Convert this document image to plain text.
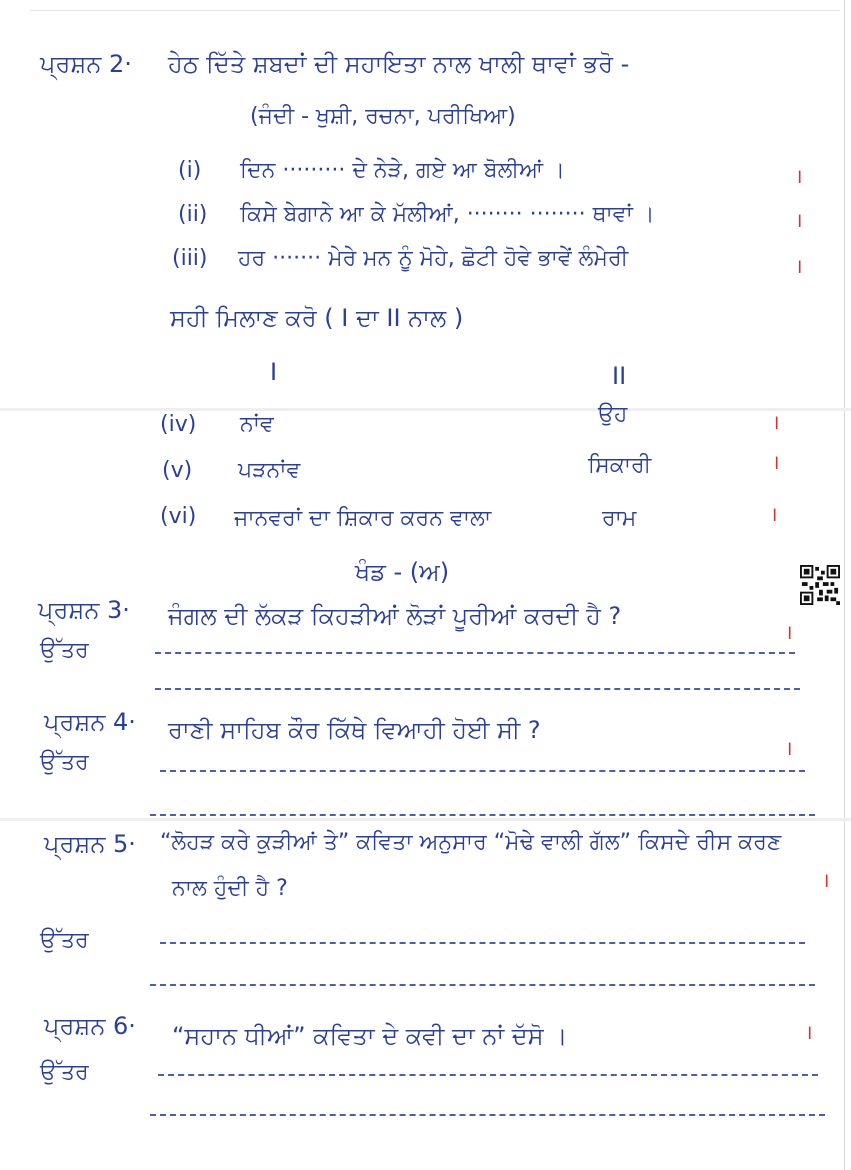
ਪ੍ਰਸ਼ਨ 2· ਹੇਠ ਦਿੱਤੇ ਸ਼ਬਦਾਂ ਦੀ ਸਹਾਇਤਾ ਨਾਲ ਖਾਲੀ ਥਾਵਾਂ ਭਰੋ -
(ਜੰਦੀ - ਖੁਸ਼ੀ, ਰਚਨਾ, ਪਰੀਖਿਆ)
(i) ਦਿਨ ········· ਦੇ ਨੇੜੇ, ਗਏ ਆ ਬੋਲੀਆਂ ।	।
(ii) ਕਿਸੇ ਬੇਗਾਨੇ ਆ ਕੇ ਮੱਲੀਆਂ, ········ ········ ਥਾਵਾਂ ।	।
(iii) ਹਰ ······· ਮੇਰੇ ਮਨ ਨੂੰ ਮੋਹੇ, ਛੋਟੀ ਹੋਵੇ ਭਾਵੇਂ ਲੰਮੇਰੀ	।
ਸਹੀ ਮਿਲਾਣ ਕਰੋ ( I ਦਾ II ਨਾਲ )
I	II
(iv) ਨਾਂਵ	ਉਹ	।
(v) ਪੜਨਾਂਵ	ਸਿਕਾਰੀ	।
(vi) ਜਾਨਵਰਾਂ ਦਾ ਸ਼ਿਕਾਰ ਕਰਨ ਵਾਲਾ	ਰਾਮ	।
ਖੰਡ - (ਅ)
ਪ੍ਰਸ਼ਨ 3· ਜੰਗਲ ਦੀ ਲੱਕੜ ਕਿਹੜੀਆਂ ਲੋੜਾਂ ਪੂਰੀਆਂ ਕਰਦੀ ਹੈ ?
।
ਉੱਤਰ
ਪ੍ਰਸ਼ਨ 4· ਰਾਣੀ ਸਾਹਿਬ ਕੌਰ ਕਿੱਥੇ ਵਿਆਹੀ ਹੋਈ ਸੀ ?
।
ਉੱਤਰ
ਪ੍ਰਸ਼ਨ 5· “ਲੋਹੜ ਕਰੇ ਕੁੜੀਆਂ ਤੇ” ਕਵਿਤਾ ਅਨੁਸਾਰ “ਮੋਢੇ ਵਾਲੀ ਗੱਲ” ਕਿਸਦੇ ਰੀਸ ਕਰਣ
ਨਾਲ ਹੁੰਦੀ ਹੈ ?	।
ਉੱਤਰ
ਪ੍ਰਸ਼ਨ 6· “ਸਹਾਨ ਧੀਆਂ” ਕਵਿਤਾ ਦੇ ਕਵੀ ਦਾ ਨਾਂ ਦੱਸੋ ।	।
ਉੱਤਰ
